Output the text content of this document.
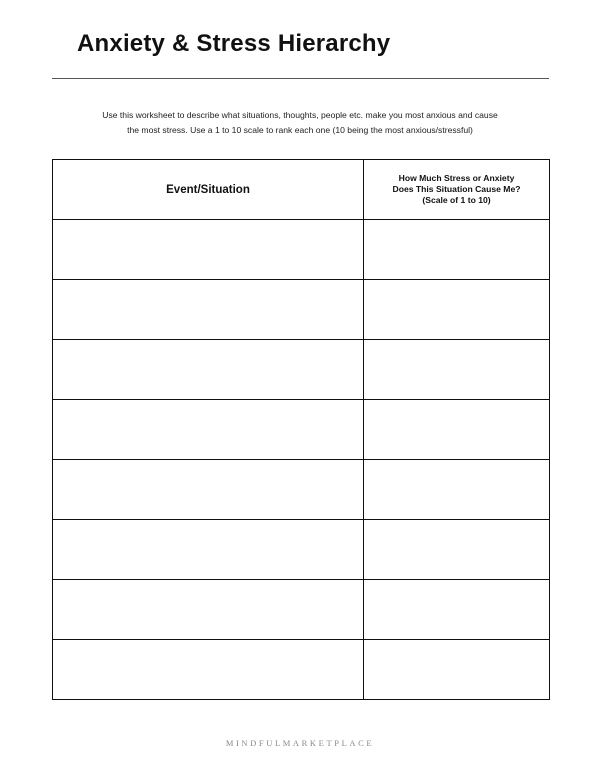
Anxiety & Stress Hierarchy
Use this worksheet to describe what situations, thoughts, people etc. make you most anxious and cause
the most stress. Use a 1 to 10 scale to rank each one (10 being the most anxious/stressful)
Event/Situation	How Much Stress or Anxiety
Does This Situation Cause Me?
(Scale of 1 to 10)

MINDFULMARKETPLACE
